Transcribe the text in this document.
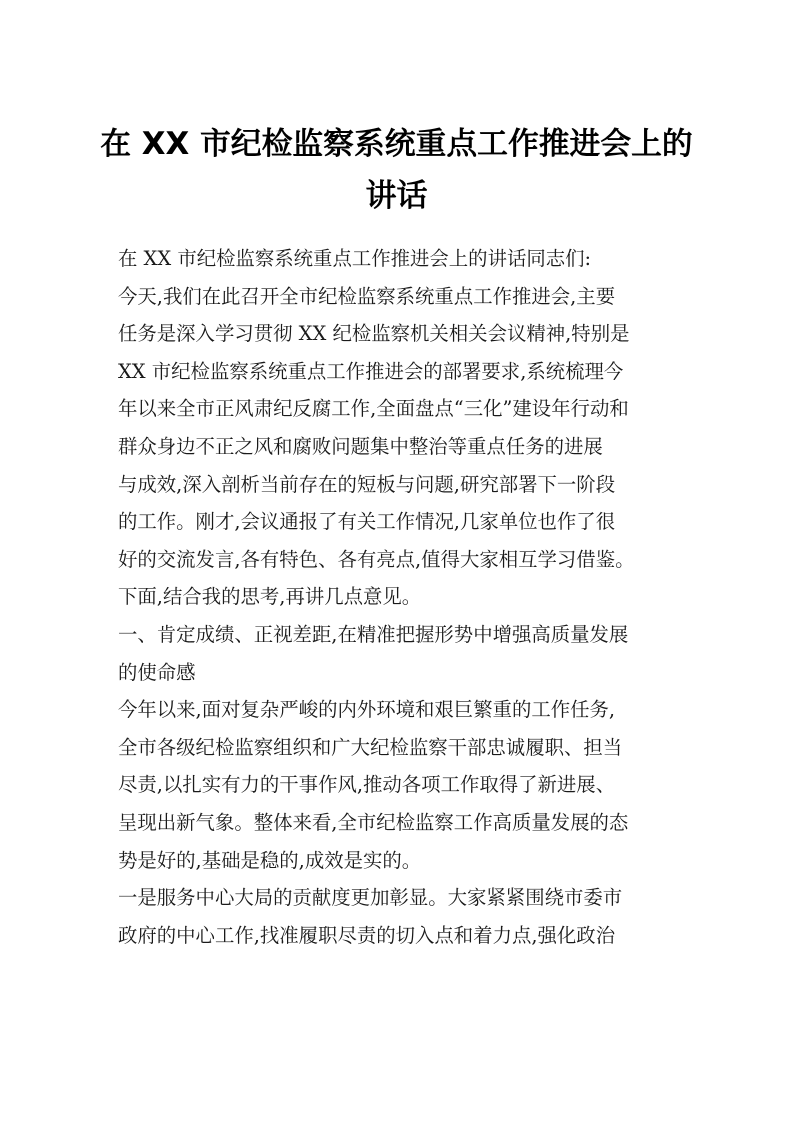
在 XX 市纪检监察系统重点工作推进会上的
讲话
在 XX 市纪检监察系统重点工作推进会上的讲话同志们:
今天,我们在此召开全市纪检监察系统重点工作推进会,主要
任务是深入学习贯彻 XX 纪检监察机关相关会议精神,特别是
XX 市纪检监察系统重点工作推进会的部署要求,系统梳理今
年以来全市正风肃纪反腐工作,全面盘点“三化”建设年行动和
群众身边不正之风和腐败问题集中整治等重点任务的进展
与成效,深入剖析当前存在的短板与问题,研究部署下一阶段
的工作。刚才,会议通报了有关工作情况,几家单位也作了很
好的交流发言,各有特色、各有亮点,值得大家相互学习借鉴。
下面,结合我的思考,再讲几点意见。
一、肯定成绩、正视差距,在精准把握形势中增强高质量发展
的使命感
今年以来,面对复杂严峻的内外环境和艰巨繁重的工作任务,
全市各级纪检监察组织和广大纪检监察干部忠诚履职、担当
尽责,以扎实有力的干事作风,推动各项工作取得了新进展、
呈现出新气象。整体来看,全市纪检监察工作高质量发展的态
势是好的,基础是稳的,成效是实的。
一是服务中心大局的贡献度更加彰显。大家紧紧围绕市委市
政府的中心工作,找准履职尽责的切入点和着力点,强化政治
